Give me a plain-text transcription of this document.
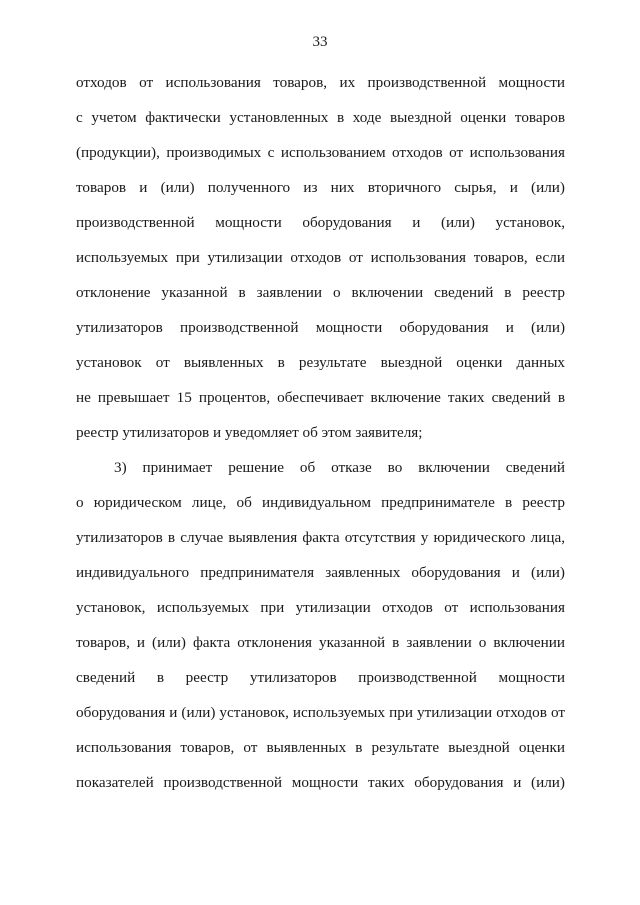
33
отходов от использования товаров, их производственной мощности
с учетом фактически установленных в ходе выездной оценки товаров
(продукции), производимых с использованием отходов от использования
товаров и (или) полученного из них вторичного сырья, и (или)
производственной мощности оборудования и (или) установок,
используемых при утилизации отходов от использования товаров, если
отклонение указанной в заявлении о включении сведений в реестр
утилизаторов производственной мощности оборудования и (или)
установок от выявленных в результате выездной оценки данных
не превышает 15 процентов, обеспечивает включение таких сведений в
реестр утилизаторов и уведомляет об этом заявителя;
3) принимает решение об отказе во включении сведений
о юридическом лице, об индивидуальном предпринимателе в реестр
утилизаторов в случае выявления факта отсутствия у юридического лица,
индивидуального предпринимателя заявленных оборудования и (или)
установок, используемых при утилизации отходов от использования
товаров, и (или) факта отклонения указанной в заявлении о включении
сведений в реестр утилизаторов производственной мощности
оборудования и (или) установок, используемых при утилизации отходов от
использования товаров, от выявленных в результате выездной оценки
показателей производственной мощности таких оборудования и (или)
